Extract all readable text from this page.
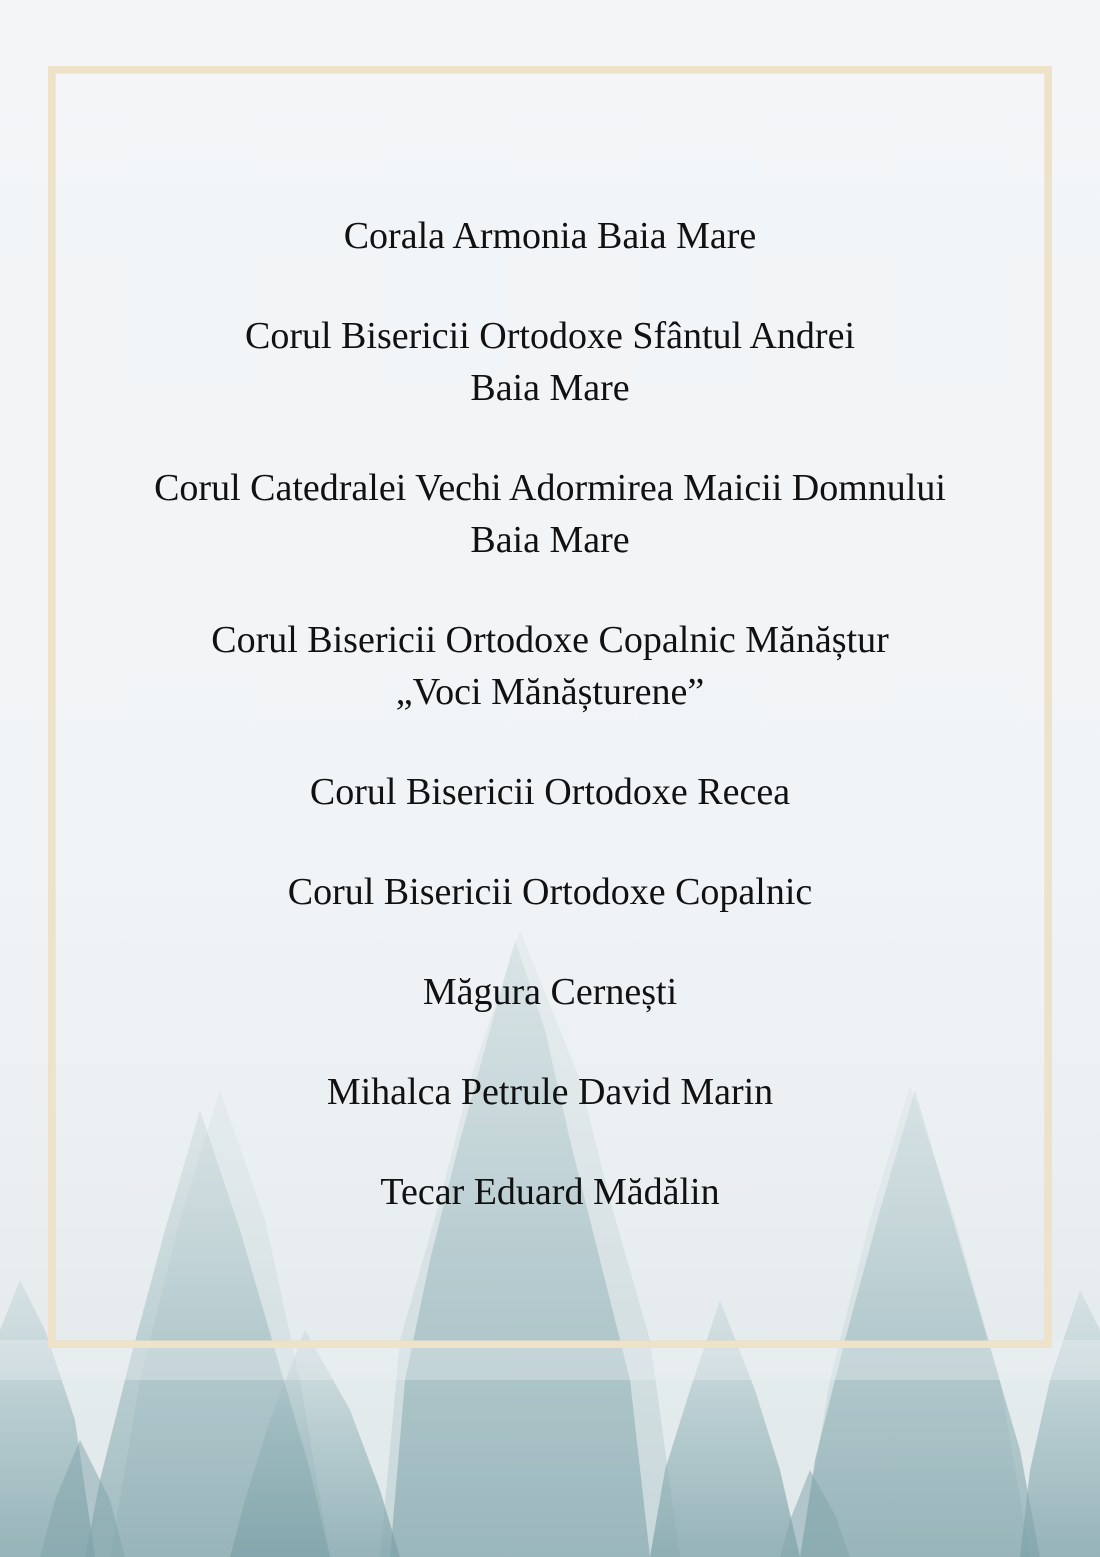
Corala Armonia Baia Mare
Corul Bisericii Ortodoxe Sfântul Andrei
Baia Mare
Corul Catedralei Vechi Adormirea Maicii Domnului
Baia Mare
Corul Bisericii Ortodoxe Copalnic Mănăștur
„Voci Mănășturene”
Corul Bisericii Ortodoxe Recea
Corul Bisericii Ortodoxe Copalnic
Măgura Cernești
Mihalca Petrule David Marin
Tecar Eduard Mădălin
